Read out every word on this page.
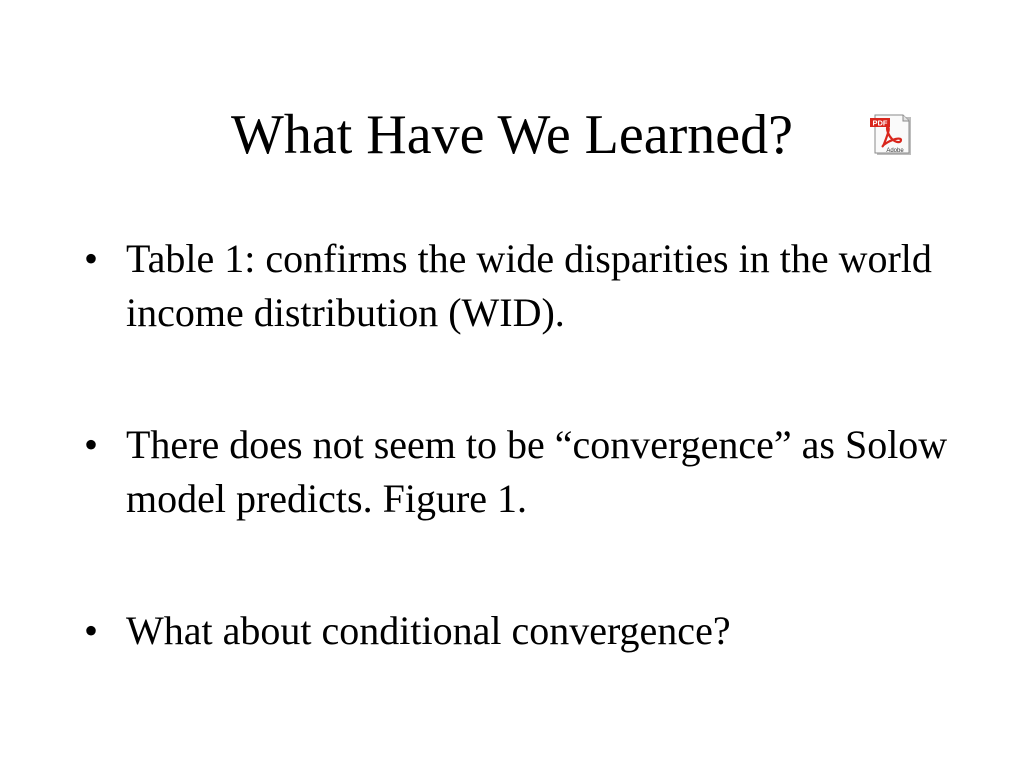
What Have We Learned?	PDF
Adobe
• Table 1: confirms the wide disparities in the world income distribution (WID).
• There does not seem to be “convergence” as Solow model predicts. Figure 1.
• What about conditional convergence?
